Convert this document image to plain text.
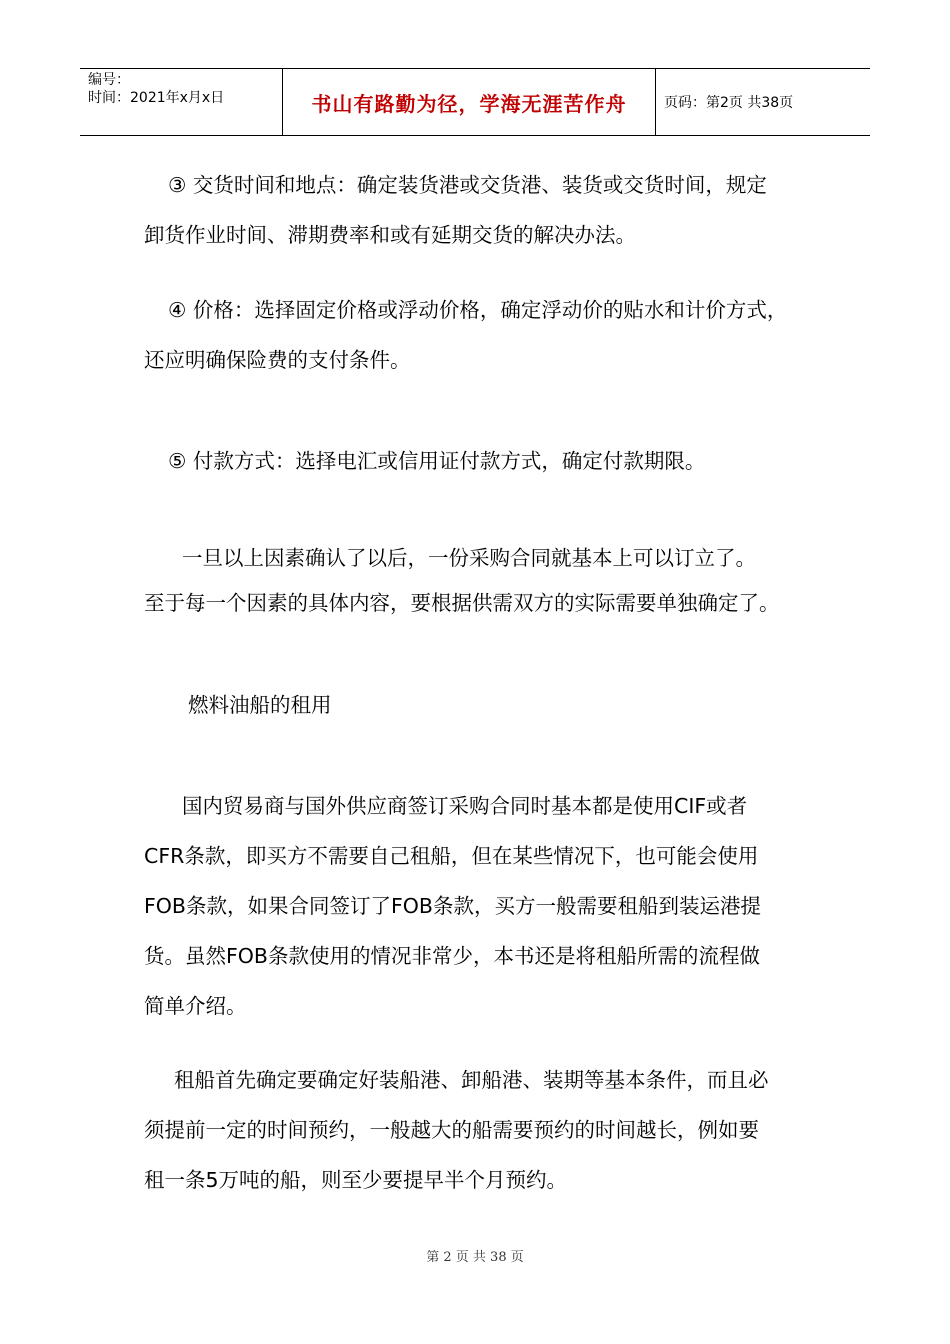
编号：
时间：2021年x月x日	书山有路勤为径，学海无涯苦作舟	页码：第2页 共38页
③ 交货时间和地点：确定装货港或交货港、装货或交货时间，规定
卸货作业时间、滞期费率和或有延期交货的解决办法。
④ 价格：选择固定价格或浮动价格，确定浮动价的贴水和计价方式，
还应明确保险费的支付条件。
⑤ 付款方式：选择电汇或信用证付款方式，确定付款期限。
一旦以上因素确认了以后，一份采购合同就基本上可以订立了。
至于每一个因素的具体内容，要根据供需双方的实际需要单独确定了。
燃料油船的租用
国内贸易商与国外供应商签订采购合同时基本都是使用CIF或者
CFR条款，即买方不需要自己租船，但在某些情况下，也可能会使用
FOB条款，如果合同签订了FOB条款，买方一般需要租船到装运港提
货。虽然FOB条款使用的情况非常少，本书还是将租船所需的流程做
简单介绍。
租船首先确定要确定好装船港、卸船港、装期等基本条件，而且必
须提前一定的时间预约，一般越大的船需要预约的时间越长，例如要
租一条5万吨的船，则至少要提早半个月预约。
第 2 页 共 38 页
